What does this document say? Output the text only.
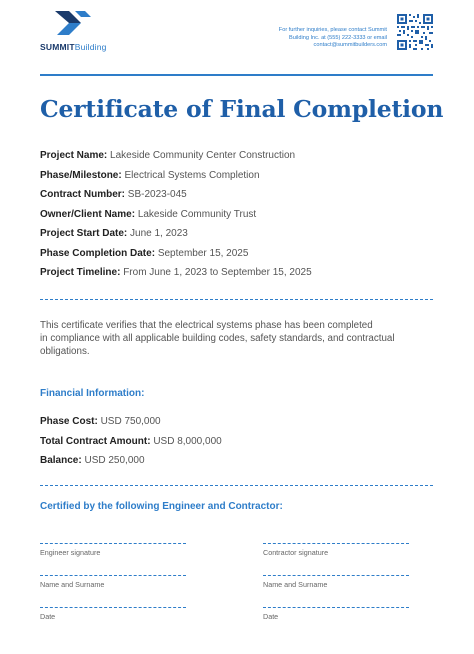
SUMMITBuilding
For further inquiries, please contact Summit
Building Inc. at (555) 222-3333 or email
contact@summitbuilders.com
Certificate of Final Completion
Project Name: Lakeside Community Center Construction
Phase/Milestone: Electrical Systems Completion
Contract Number: SB-2023-045
Owner/Client Name: Lakeside Community Trust
Project Start Date: June 1, 2023
Phase Completion Date: September 15, 2025
Project Timeline: From June 1, 2023 to September 15, 2025
This certificate verifies that the electrical systems phase has been completed
in compliance with all applicable building codes, safety standards, and contractual
obligations.
Financial Information:
Phase Cost: USD 750,000
Total Contract Amount: USD 8,000,000
Balance: USD 250,000
Certified by the following Engineer and Contractor:
Engineer signature
Name and Surname
Date
Contractor signature
Name and Surname
Date
